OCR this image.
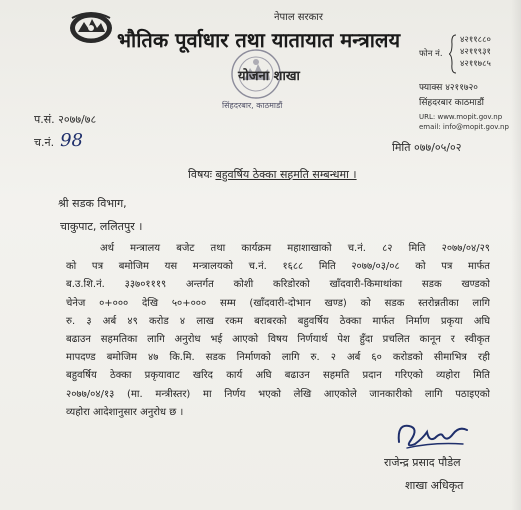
नेपाल सरकार
भौतिक पूर्वाधार तथा यातायात मन्त्रालय
योजना शाखा
सिंहदरबार, काठमाडौं
फोन नं.
४२११८८०
४२११९३१
४२११७८५
फ्याक्स ४२११७२०
सिंहदरबार काठमाडौं
URL: www.mopit.gov.np
email: info@mopit.gov.np
प.सं. २०७७/७८
च.नं. 98	मिति ०७७/०५/०२
विषयः बहुवर्षिय ठेक्का सहमति सम्बन्धमा ।
श्री सडक विभाग,
चाकुपाट, ललितपुर ।
अर्थ मन्त्रालय बजेट तथा कार्यक्रम महाशाखाको च.नं. ८२ मिति २०७७/०४/२९
को पत्र बमोजिम यस मन्त्रालयको च.नं. १६८८ मिति २०७७/०३/०८ को पत्र मार्फत
ब.उ.शि.नं. ३३७०१११९ अन्तर्गत कोशी करिडोरको खाँदवारी-किमाथांका सडक खण्डको
चेनेज ०+००० देखि ५०+००० सम्म (खाँदवारी-दोभान खण्ड) को सडक स्तरोन्नतीका लागि
रु. ३ अर्ब ४९ करोड ४ लाख रकम बराबरको बहुवर्षिय ठेक्का मार्फत निर्माण प्रकृया अघि
बढाउन सहमतिका लागि अनुरोध भई आएको विषय निर्णयार्थ पेश हुँदा प्रचलित कानून र स्वीकृत
मापदण्ड बमोजिम ४७ कि.मि. सडक निर्माणको लागि रु. २ अर्ब ६० करोडको सीमाभित्र रही
बहुवर्षिय ठेक्का प्रकृयावाट खरिद कार्य अघि बढाउन सहमति प्रदान गरिएको व्यहोरा मिति
२०७७/०४/१३ (मा. मन्त्रीस्तर) मा निर्णय भएको लेखि आएकोले जानकारीको लागि पठाइएको
व्यहोरा आदेशानुसार अनुरोध छ ।
राजेन्द्र प्रसाद पौडेल
शाखा अधिकृत
